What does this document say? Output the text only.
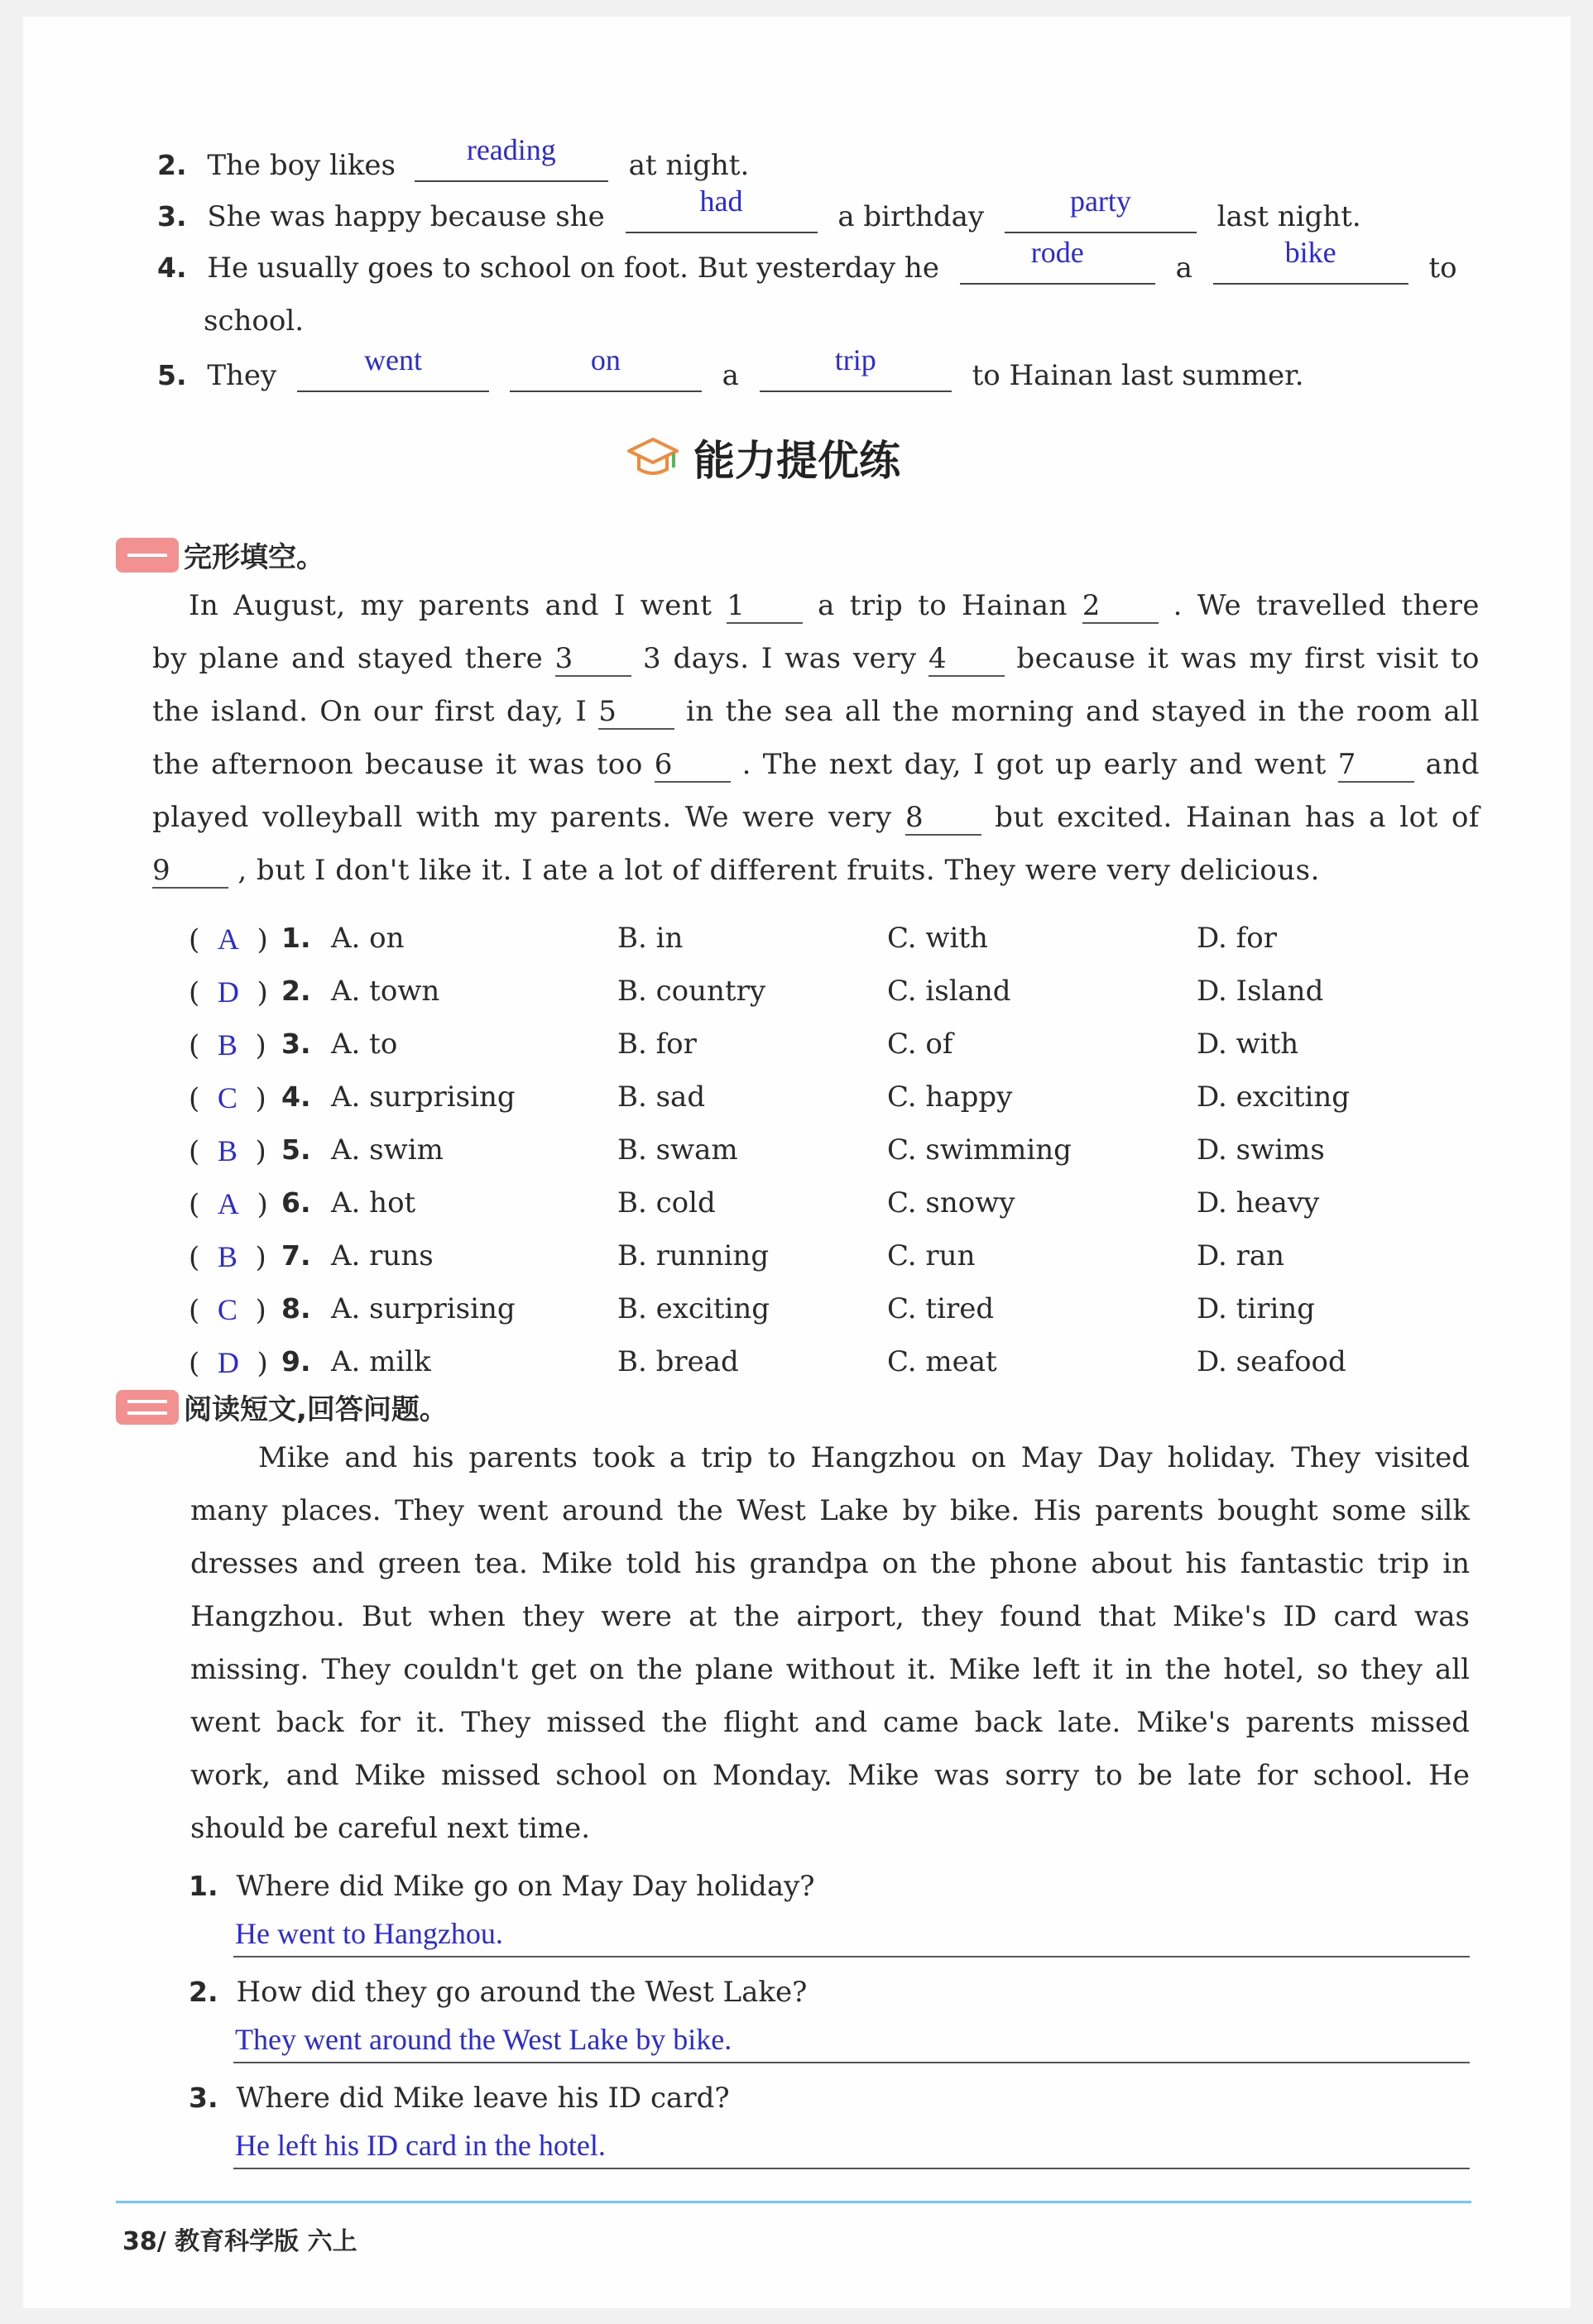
2. The boy likes	reading	at night.
3. She was happy because she	had	a birthday	party	last night.
4. He usually goes to school on foot. But yesterday he	rode	a	bike	to
school.
5. They	went
	on	a	trip	to Hainan last summer.
能力提优练
完形填空。
In August, my parents and I went 1	a trip to Hainan 2	. We travelled there
by plane and stayed there 3 3 days. I was very 4 because it was my first visit to
the island. On our first day, I 5 in the sea all the morning and stayed in the room all
the afternoon because it was too 6 . The next day, I got up early and went 7 and
played volleyball with my parents. We were very 8	but excited. Hainan has a lot of
9 , but I don't like it. I ate a lot of different fruits. They were very delicious.
(  A  ) 1. A. on	B. in	C. with	D. for
(  D  ) 2. A. town	B. country	C. island	D. Island
(  B  ) 3. A. to	B. for	C. of	D. with
(  C  ) 4. A. surprising	B. sad	C. happy	D. exciting
(  B  ) 5. A. swim	B. swam	C. swimming	D. swims
(  A  ) 6. A. hot	B. cold	C. snowy	D. heavy
(  B  ) 7. A. runs	B. running	C. run	D. ran
(  C  ) 8. A. surprising	B. exciting	C. tired	D. tiring
(  D  ) 9. A. milk	B. bread	C. meat	D. seafood
阅读短文,回答问题。
Mike and his parents took a trip to Hangzhou on May Day holiday. They visited
many places. They went around the West Lake by bike. His parents bought some silk
dresses and green tea. Mike told his grandpa on the phone about his fantastic trip in
Hangzhou. But when they were at the airport, they found that Mike's ID card was
missing. They couldn't get on the plane without it. Mike left it in the hotel, so they all
went back for it. They missed the flight and came back late. Mike's parents missed
work, and Mike missed school on Monday. Mike was sorry to be late for school. He
should be careful next time.
1. Where did Mike go on May Day holiday?
He went to Hangzhou.
2. How did they go around the West Lake?
They went around the West Lake by bike.
3. Where did Mike leave his ID card?
He left his ID card in the hotel.
38/ 教育科学版 六上
